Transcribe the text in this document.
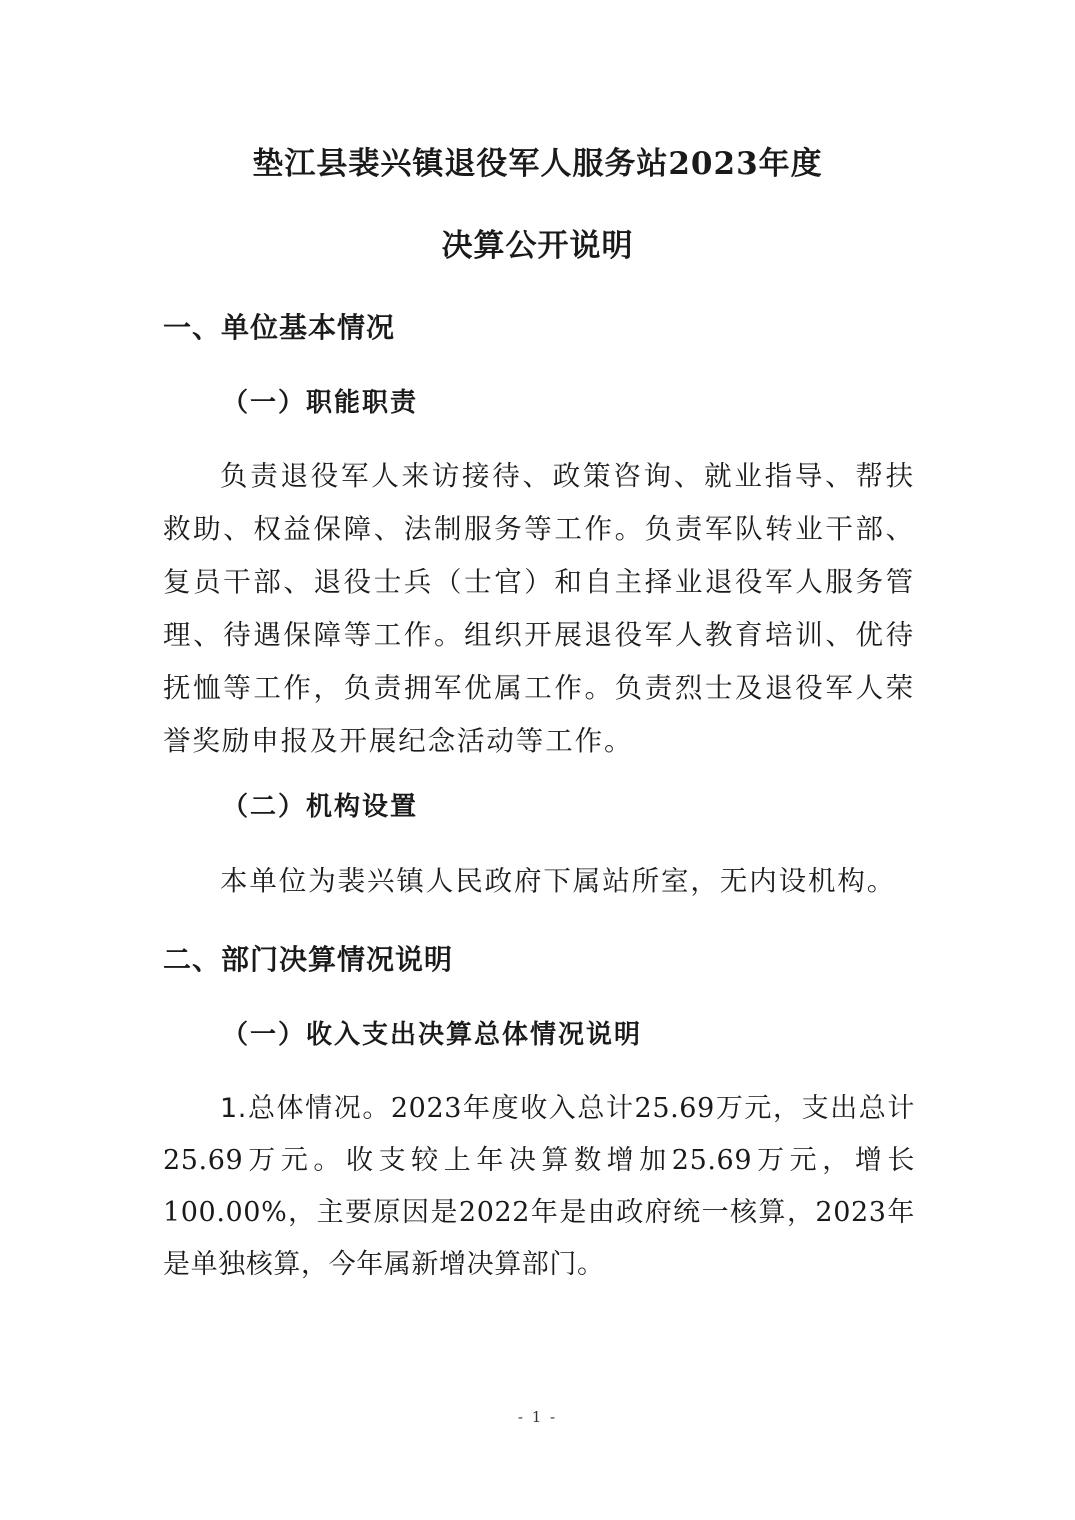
垫江县裴兴镇退役军人服务站2023年度
决算公开说明
一、单位基本情况
（一）职能职责
负责退役军人来访接待、政策咨询、就业指导、帮扶救助、权益保障、法制服务等工作。负责军队转业干部、复员干部、退役士兵（士官）和自主择业退役军人服务管理、待遇保障等工作。组织开展退役军人教育培训、优待抚恤等工作，负责拥军优属工作。负责烈士及退役军人荣誉奖励申报及开展纪念活动等工作。
（二）机构设置
本单位为裴兴镇人民政府下属站所室，无内设机构。
二、部门决算情况说明
（一）收入支出决算总体情况说明
1.总体情况。2023年度收入总计25.69万元，支出总计25.69万元。收支较上年决算数增加25.69万元，增长100.00%，主要原因是2022年是由政府统一核算，2023年是单独核算，今年属新增决算部门。
- 1 -
